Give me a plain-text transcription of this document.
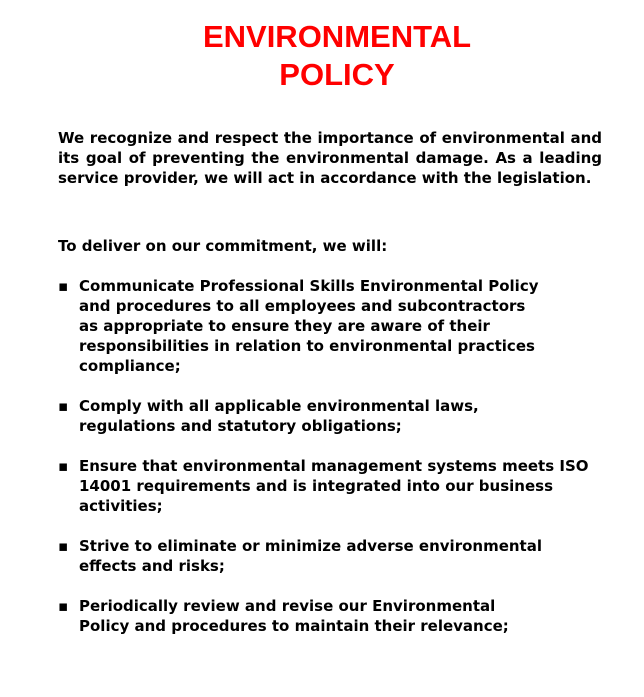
ENVIRONMENTAL
POLICY

We recognize and respect the importance of environmental and its goal of preventing the environmental damage. As a leading service provider, we will act in accordance with the legislation.

To deliver on our commitment, we will:

▪ Communicate Professional Skills Environmental Policy
and procedures to all employees and subcontractors
as appropriate to ensure they are aware of their
responsibilities in relation to environmental practices
compliance;
▪ Comply with all applicable environmental laws,
regulations and statutory obligations;
▪ Ensure that environmental management systems meets ISO
14001 requirements and is integrated into our business
activities;
▪ Strive to eliminate or minimize adverse environmental
effects and risks;
▪ Periodically review and revise our Environmental
Policy and procedures to maintain their relevance;
